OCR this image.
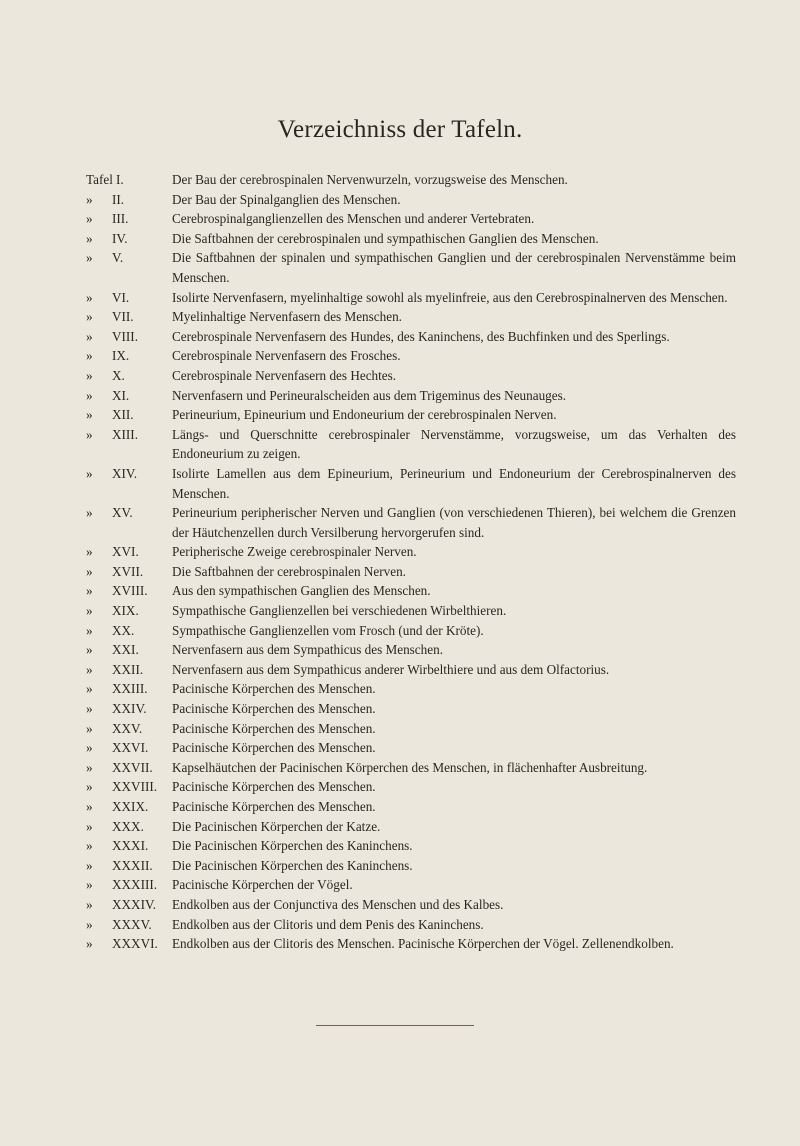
Verzeichniss der Tafeln.
Tafel I.	Der Bau der cerebrospinalen Nervenwurzeln, vorzugsweise des Menschen.
»	II.	Der Bau der Spinalganglien des Menschen.
»	III.	Cerebrospinalganglienzellen des Menschen und anderer Vertebraten.
»	IV.	Die Saftbahnen der cerebrospinalen und sympathischen Ganglien des Menschen.
»	V.	Die Saftbahnen der spinalen und sympathischen Ganglien und der cerebrospinalen Nervenstämme beim Menschen.
»	VI.	Isolirte Nervenfasern, myelinhaltige sowohl als myelinfreie, aus den Cerebrospinalnerven des Menschen.
»	VII.	Myelinhaltige Nervenfasern des Menschen.
»	VIII.	Cerebrospinale Nervenfasern des Hundes, des Kaninchens, des Buchfinken und des Sperlings.
»	IX.	Cerebrospinale Nervenfasern des Frosches.
»	X.	Cerebrospinale Nervenfasern des Hechtes.
»	XI.	Nervenfasern und Perineuralscheiden aus dem Trigeminus des Neunauges.
»	XII.	Perineurium, Epineurium und Endoneurium der cerebrospinalen Nerven.
»	XIII.	Längs- und Querschnitte cerebrospinaler Nervenstämme, vorzugsweise, um das Verhalten des Endoneurium zu zeigen.
»	XIV.	Isolirte Lamellen aus dem Epineurium, Perineurium und Endoneurium der Cerebrospinalnerven des Menschen.
»	XV.	Perineurium peripherischer Nerven und Ganglien (von verschiedenen Thieren), bei welchem die Grenzen der Häutchenzellen durch Versilberung hervorgerufen sind.
»	XVI.	Peripherische Zweige cerebrospinaler Nerven.
»	XVII.	Die Saftbahnen der cerebrospinalen Nerven.
»	XVIII.	Aus den sympathischen Ganglien des Menschen.
»	XIX.	Sympathische Ganglienzellen bei verschiedenen Wirbelthieren.
»	XX.	Sympathische Ganglienzellen vom Frosch (und der Kröte).
»	XXI.	Nervenfasern aus dem Sympathicus des Menschen.
»	XXII.	Nervenfasern aus dem Sympathicus anderer Wirbelthiere und aus dem Olfactorius.
»	XXIII.	Pacinische Körperchen des Menschen.
»	XXIV.	Pacinische Körperchen des Menschen.
»	XXV.	Pacinische Körperchen des Menschen.
»	XXVI.	Pacinische Körperchen des Menschen.
»	XXVII.	Kapselhäutchen der Pacinischen Körperchen des Menschen, in flächenhafter Ausbreitung.
»	XXVIII.	Pacinische Körperchen des Menschen.
»	XXIX.	Pacinische Körperchen des Menschen.
»	XXX.	Die Pacinischen Körperchen der Katze.
»	XXXI.	Die Pacinischen Körperchen des Kaninchens.
»	XXXII.	Die Pacinischen Körperchen des Kaninchens.
»	XXXIII.	Pacinische Körperchen der Vögel.
»	XXXIV.	Endkolben aus der Conjunctiva des Menschen und des Kalbes.
»	XXXV.	Endkolben aus der Clitoris und dem Penis des Kaninchens.
»	XXXVI.	Endkolben aus der Clitoris des Menschen. Pacinische Körperchen der Vögel. Zellenendkolben.
